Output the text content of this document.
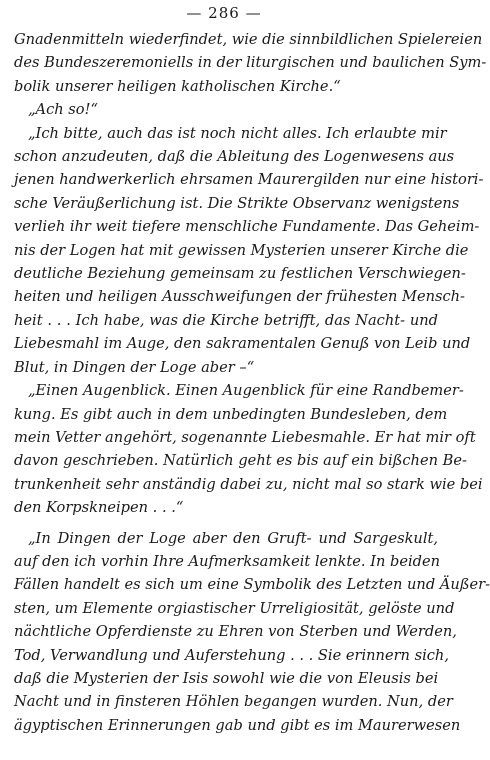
— 286 —
Gnadenmitteln wiederfindet, wie die sinnbildlichen Spielereien
des Bundeszeremoniells in der liturgischen und baulichen Sym-
bolik unserer heiligen katholischen Kirche.“
„Ach so!“
„Ich bitte, auch das ist noch nicht alles. Ich erlaubte mir
schon anzudeuten, daß die Ableitung des Logenwesens aus
jenen handwerkerlich ehrsamen Maurergilden nur eine histori-
sche Veräußerlichung ist. Die Strikte Observanz wenigstens
verlieh ihr weit tiefere menschliche Fundamente. Das Geheim-
nis der Logen hat mit gewissen Mysterien unserer Kirche die
deutliche Beziehung gemeinsam zu festlichen Verschwiegen-
heiten und heiligen Ausschweifungen der frühesten Mensch-
heit . . . Ich habe, was die Kirche betrifft, das Nacht- und
Liebesmahl im Auge, den sakramentalen Genuß von Leib und
Blut, in Dingen der Loge aber –“
„Einen Augenblick. Einen Augenblick für eine Randbemer-
kung. Es gibt auch in dem unbedingten Bundesleben, dem
mein Vetter angehört, sogenannte Liebesmahle. Er hat mir oft
davon geschrieben. Natürlich geht es bis auf ein bißchen Be-
trunkenheit sehr anständig dabei zu, nicht mal so stark wie bei
den Korpskneipen . . .“
„In Dingen der Loge aber den Gruft- und Sargeskult,
auf den ich vorhin Ihre Aufmerksamkeit lenkte. In beiden
Fällen handelt es sich um eine Symbolik des Letzten und Äußer-
sten, um Elemente orgiastischer Urreligiosität, gelöste und
nächtliche Opferdienste zu Ehren von Sterben und Werden,
Tod, Verwandlung und Auferstehung . . . Sie erinnern sich,
daß die Mysterien der Isis sowohl wie die von Eleusis bei
Nacht und in finsteren Höhlen begangen wurden. Nun, der
ägyptischen Erinnerungen gab und gibt es im Maurerwesen
